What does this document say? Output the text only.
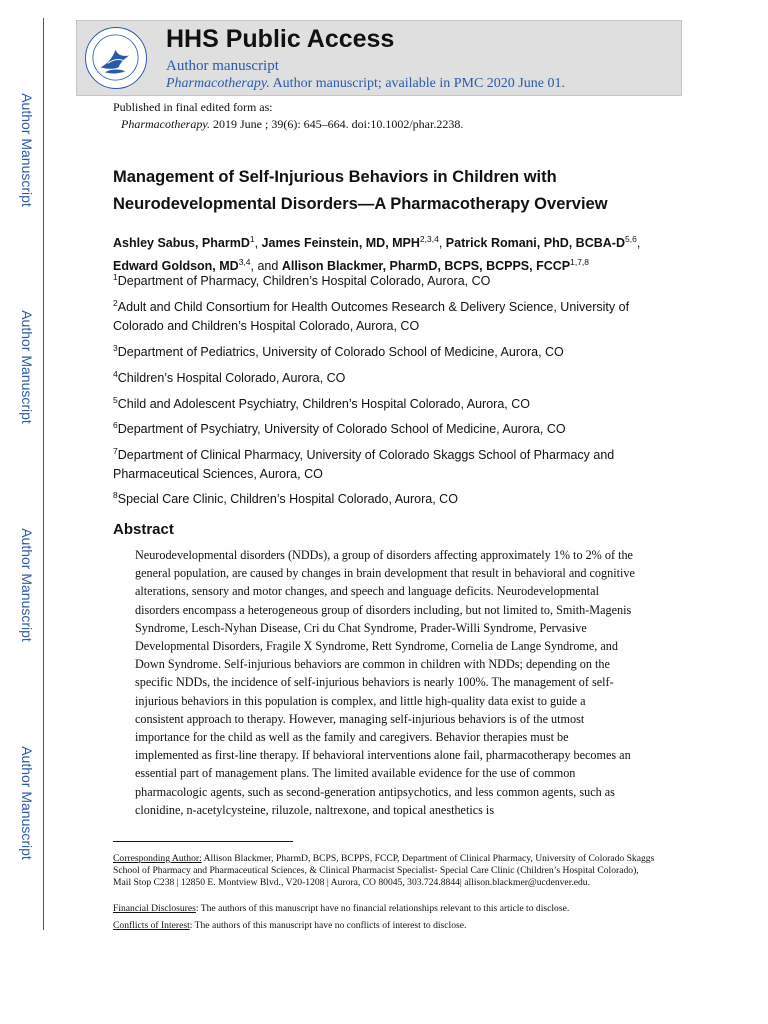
Author Manuscript
Author Manuscript
Author Manuscript
Author Manuscript
HHS Public Access
Author manuscript
Pharmacotherapy. Author manuscript; available in PMC 2020 June 01.
Published in final edited form as:
Pharmacotherapy. 2019 June ; 39(6): 645–664. doi:10.1002/phar.2238.
Management of Self-Injurious Behaviors in Children with Neurodevelopmental Disorders—A Pharmacotherapy Overview
Ashley Sabus, PharmD$^1$, James Feinstein, MD, MPH$^{2,3,4}$, Patrick Romani, PhD, BCBA-$D^{5,6}$,
Edward Goldson, MD$^{3,4}$, and Allison Blackmer, PharmD, BCPS, BCPPS, FCCP$^{1,7,8}$
$^1$Department of Pharmacy, Children’s Hospital Colorado, Aurora, CO
$^2$Adult and Child Consortium for Health Outcomes Research & Delivery Science, University of Colorado and Children’s Hospital Colorado, Aurora, CO
$^3$Department of Pediatrics, University of Colorado School of Medicine, Aurora, CO
$^4$Children’s Hospital Colorado, Aurora, CO
$^5$Child and Adolescent Psychiatry, Children’s Hospital Colorado, Aurora, CO
$^6$Department of Psychiatry, University of Colorado School of Medicine, Aurora, CO
$^7$Department of Clinical Pharmacy, University of Colorado Skaggs School of Pharmacy and Pharmaceutical Sciences, Aurora, CO
$^8$Special Care Clinic, Children’s Hospital Colorado, Aurora, CO
Abstract

Neurodevelopmental disorders (NDDs), a group of disorders affecting approximately 1% to 2% of the general population, are caused by changes in brain development that result in behavioral and cognitive alterations, sensory and motor changes, and speech and language deficits. Neurodevelopmental disorders encompass a heterogeneous group of disorders including, but not limited to, Smith-Magenis Syndrome, Lesch-Nyhan Disease, Cri du Chat Syndrome, Prader-Willi Syndrome, Pervasive Developmental Disorders, Fragile X Syndrome, Rett Syndrome, Cornelia de Lange Syndrome, and Down Syndrome. Self-injurious behaviors are common in children with NDDs; depending on the specific NDDs, the incidence of self-injurious behaviors is nearly 100%. The management of self-injurious behaviors in this population is complex, and little high-quality data exist to guide a consistent approach to therapy. However, managing self-injurious behaviors is of the utmost importance for the child as well as the family and caregivers. Behavior therapies must be implemented as first-line therapy. If behavioral interventions alone fail, pharmacotherapy becomes an essential part of management plans. The limited available evidence for the use of common pharmacologic agents, such as second-generation antipsychotics, and less common agents, such as clonidine, n-acetylcysteine, riluzole, naltrexone, and topical anesthetics is

Corresponding Author: Allison Blackmer, PharmD, BCPS, BCPPS, FCCP, Department of Clinical Pharmacy, University of Colorado Skaggs School of Pharmacy and Pharmaceutical Sciences, & Clinical Pharmacist Specialist- Special Care Clinic (Children’s Hospital Colorado), Mail Stop C238 | 12850 E. Montview Blvd., V20-1208 | Aurora, CO 80045, 303.724.8844| allison.blackmer@ucdenver.edu.

Financial Disclosures: The authors of this manuscript have no financial relationships relevant to this article to disclose.

Conflicts of Interest: The authors of this manuscript have no conflicts of interest to disclose.
